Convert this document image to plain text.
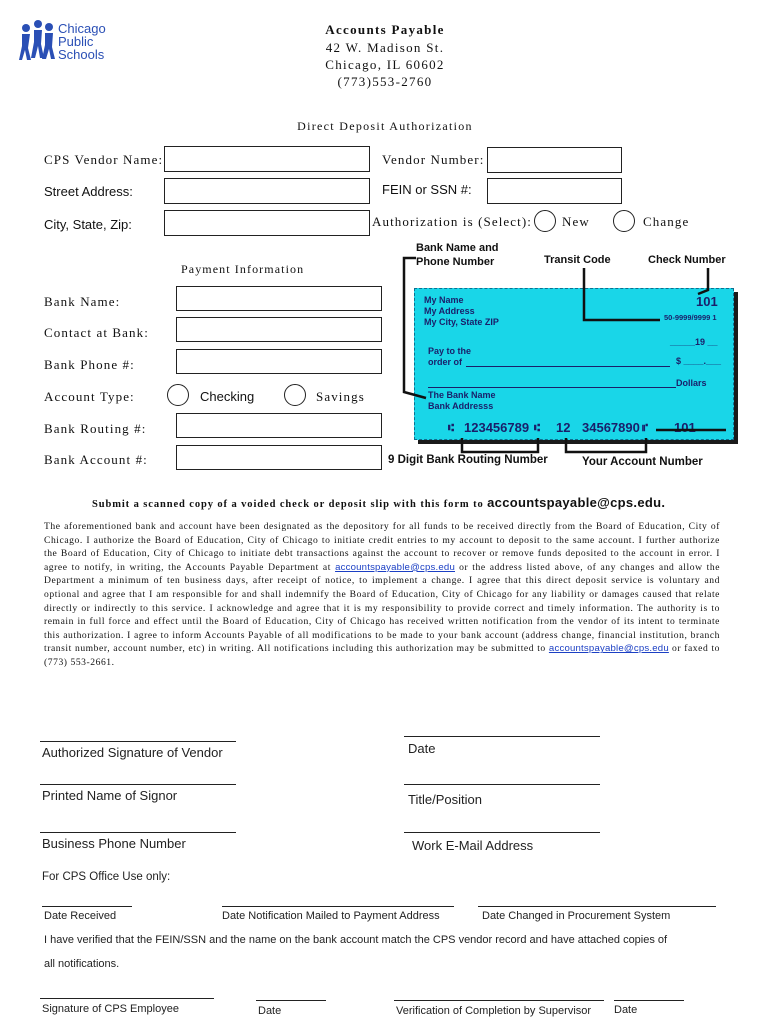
Chicago
Public
Schools
Accounts Payable
42 W. Madison St.
Chicago, IL 60602
(773)553-2760
Direct Deposit Authorization
CPS Vendor Name:	Vendor Number:
Street Address:	FEIN or SSN #:
City, State, Zip:	Authorization is (Select): New	Change
Payment Information
Bank Name:
Contact at Bank:
Bank Phone #:
Account Type:	Checking	Savings
Bank Routing #:
Bank Account #:
Bank Name and
Phone Number	Transit Code	Check Number
My Name
My Address
My City, State ZIP
101
50-9999/9999 1
_____19 __
Pay to the
order of	$ ____.___
Dollars
The Bank Name
Bank Addresss
⑆ 123456789 ⑆ 12 34567890 ⑈ 101
9 Digit Bank Routing Number	Your Account Number
Submit a scanned copy of a voided check or deposit slip with this form to accountspayable@cps.edu.
The aforementioned bank and account have been designated as the depository for all funds to be received directly from the Board of Education, City of Chicago. I authorize the Board of Education, City of Chicago to initiate credit entries to my account to deposit to the same account. I further authorize the Board of Education, City of Chicago to initiate debt transactions against the account to recover or remove funds deposited to the account in error. I agree to notify, in writing, the Accounts Payable Department at accountspayable@cps.edu or the address listed above, of any changes and allow the Department a minimum of ten business days, after receipt of notice, to implement a change. I agree that this direct deposit service is voluntary and optional and agree that I am responsible for and shall indemnify the Board of Education, City of Chicago for any liability or damages caused that relate directly or indirectly to this service. I acknowledge and agree that it is my responsibility to provide correct and timely information. The authority is to remain in full force and effect until the Board of Education, City of Chicago has received written notification from the vendor of its intent to terminate this authorization. I agree to inform Accounts Payable of all modifications to be made to your bank account (address change, financial institution, branch transit number, account number, etc) in writing. All notifications including this authorization may be submitted to accountspayable@cps.edu or faxed to (773) 553-2661.
Authorized Signature of Vendor	Date
Printed Name of Signor	Title/Position
Business Phone Number	Work E-Mail Address
For CPS Office Use only:
Date Received	Date Notification Mailed to Payment Address	Date Changed in Procurement System
I have verified that the FEIN/SSN and the name on the bank account match the CPS vendor record and have attached copies of
all notifications.
Signature of CPS Employee	Date	Verification of Completion by Supervisor Date
